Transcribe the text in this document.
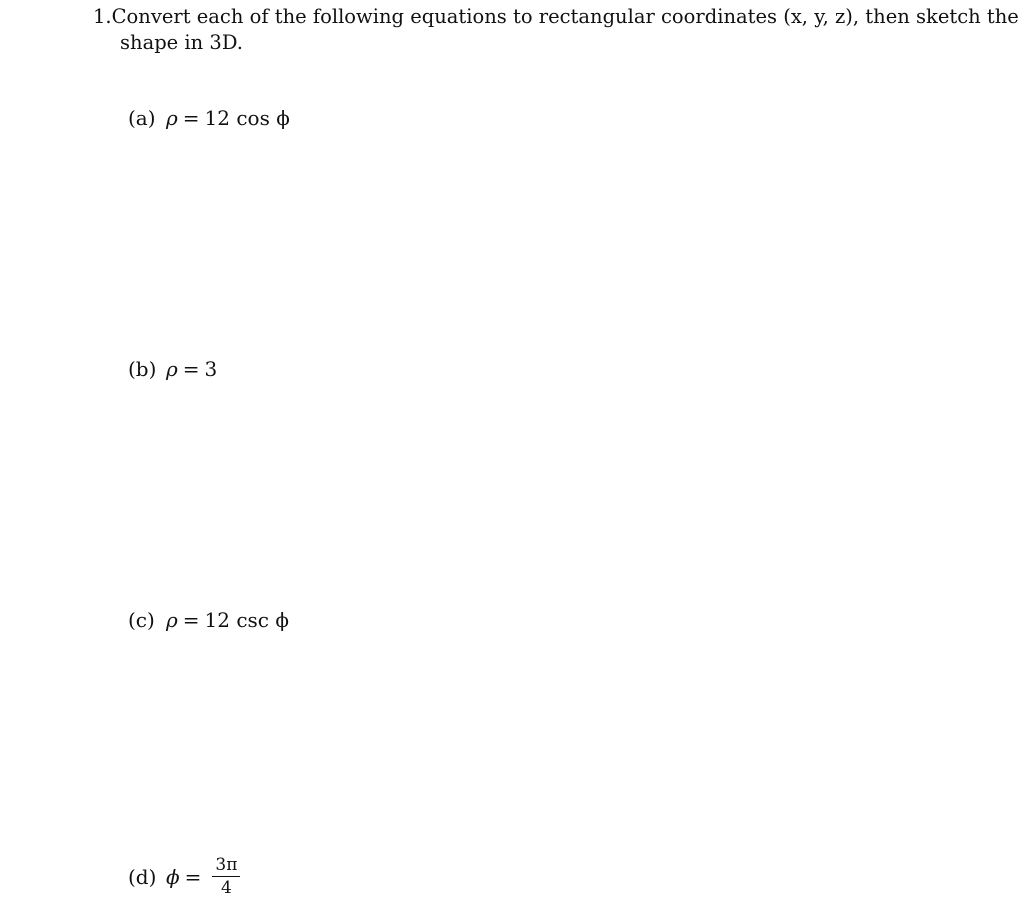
1. Convert each of the following equations to rectangular coordinates (x, y, z), then sketch the
shape in 3D.
(a) ρ = 12 cos ϕ
(b) ρ = 3
(c) ρ = 12 csc ϕ
(d) $\phi = \frac{3\pi}{4}$
